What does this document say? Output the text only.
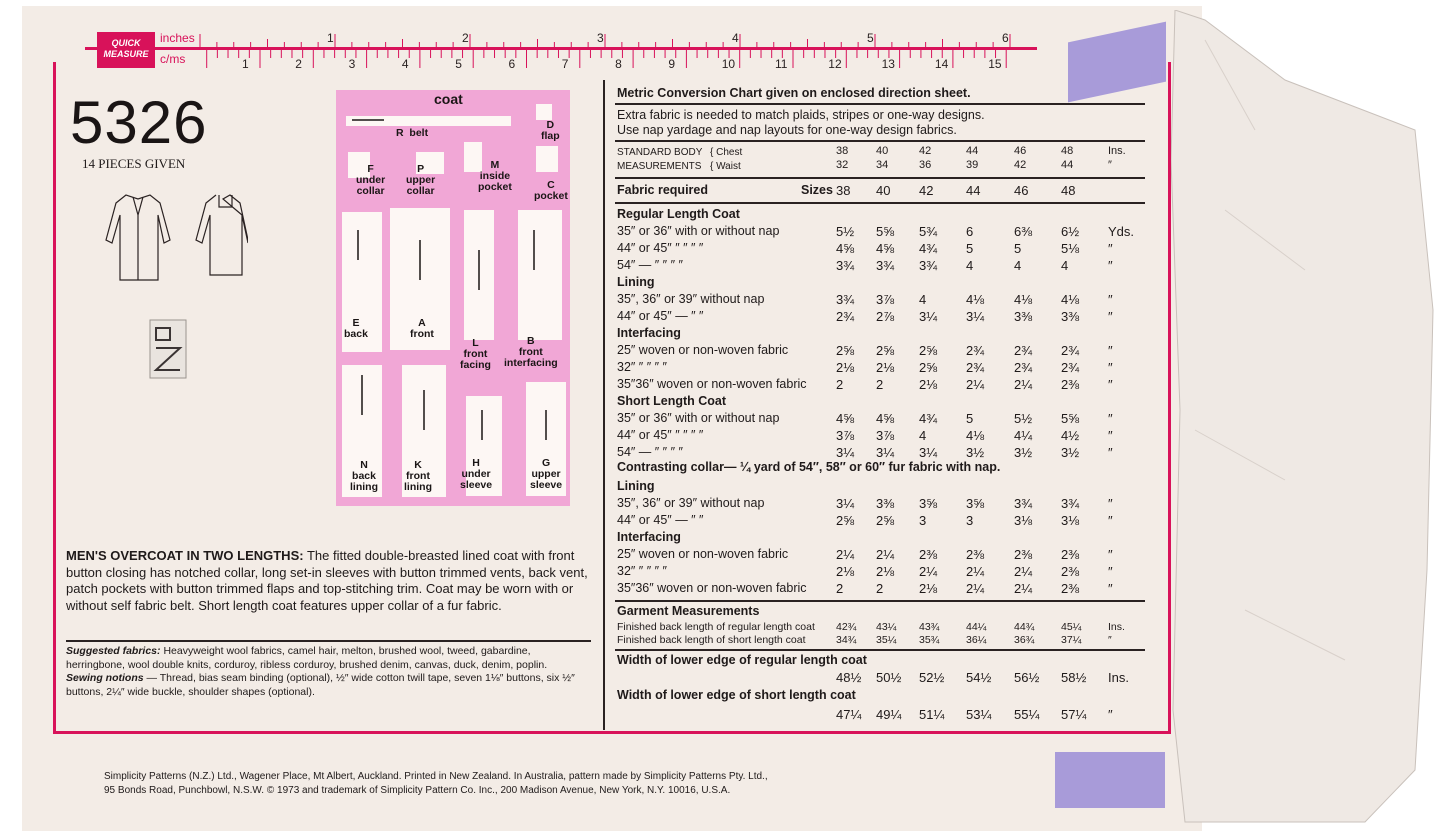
QUICK MEASURE
inches
c/ms
1	2	3	4	5	6
1	2	3	4	5	6	7	8	9	10	11	12	13	14	15
5326
14 PIECES GIVEN
coat
R  belt
D
flap
F
under
collar
P
upper
collar
M
inside
pocket	C
pocket
E
back
A
front
L
front
facing
B
front
interfacing
N
back
lining
K
front
lining
H
under
sleeve
G
upper
sleeve
MEN'S OVERCOAT IN TWO LENGTHS: The fitted double-breasted lined coat with front button closing has notched collar, long set-in sleeves with button trimmed vents, back vent, patch pockets with button trimmed flaps and top-stitching trim. Coat may be worn with or without self fabric belt. Short length coat features upper collar of a fur fabric.
Suggested fabrics: Heavyweight wool fabrics, camel hair, melton, brushed wool, tweed, gabardine, herringbone, wool double knits, corduroy, ribless corduroy, brushed denim, canvas, duck, denim, poplin.
Sewing notions — Thread, bias seam binding (optional), ½″ wide cotton twill tape, seven 1⅛″ buttons, six ½″ buttons, 2¼″ wide buckle, shoulder shapes (optional).
Metric Conversion Chart given on enclosed direction sheet.
Extra fabric is needed to match plaids, stripes or one-way designs.
Use nap yardage and nap layouts for one-way design fabrics.
STANDARD BODY { Chest	38	40	42	44	46	48	Ins.
MEASUREMENTS { Waist	32	34	36	39	42	44	″
Fabric required	Sizes 38 40 42	44	46	48
Regular Length Coat
35″ or 36″ with or without nap	5½ 5⅝ 5¾ 6	6⅜ 6½ Yds.
44″ or 45″ ″ ″ ″ ″	4⅝ 4⅝ 4¾ 5	5	5⅛ ″
54″ — ″ ″ ″ ″	3¾ 3¾ 3¾ 4	4	4	″
Lining
35″, 36″ or 39″ without nap	3¾ 3⅞ 4	4⅛ 4⅛ 4⅛ ″
44″ or 45″ — ″ ″	2¾ 2⅞ 3¼ 3¼ 3⅜ 3⅜ ″
Interfacing
25″ woven or non-woven fabric	2⅝ 2⅝ 2⅝ 2¾ 2¾ 2¾ ″
32″ ″ ″ ″ ″	2⅛ 2⅛ 2⅝ 2¾ 2¾ 2¾ ″
35″36″ woven or non-woven fabric 2	2	2⅛ 2¼ 2¼ 2⅜ ″
Short Length Coat
35″ or 36″ with or without nap	4⅝ 4⅝ 4¾ 5	5½ 5⅝ ″
44″ or 45″ ″ ″ ″ ″	3⅞ 3⅞ 4	4⅛ 4¼ 4½ ″
54″ — ″ ″ ″ ″	3¼ 3¼ 3¼ 3½ 3½ 3½ ″
Contrasting collar— ¼ yard of 54″, 58″ or 60″ fur fabric with nap.
Lining
35″, 36″ or 39″ without nap	3¼ 3⅜ 3⅝ 3⅝ 3¾ 3¾ ″
44″ or 45″ — ″ ″	2⅝ 2⅝ 3	3	3⅛ 3⅛ ″
Interfacing
25″ woven or non-woven fabric	2¼ 2¼ 2⅜ 2⅜ 2⅜ 2⅜ ″
32″ ″ ″ ″ ″	2⅛ 2⅛ 2¼ 2¼ 2¼ 2⅜ ″
35″36″ woven or non-woven fabric 2	2	2⅛ 2¼ 2¼ 2⅜ ″
Garment Measurements
Finished back length of regular length coat 42¾ 43¼ 43¾	44¼	44¾	45¼	Ins.
Finished back length of short length coat	34¾ 35¼ 35¾	36¼	36¾	37¼	″
Width of lower edge of regular length coat
48½ 50½ 52½ 54½ 56½ 58½ Ins.
Width of lower edge of short length coat
47¼ 49¼ 51¼ 53¼ 55¼ 57¼ ″
Simplicity Patterns (N.Z.) Ltd., Wagener Place, Mt Albert, Auckland. Printed in New Zealand. In Australia, pattern made by Simplicity Patterns Pty. Ltd.,
95 Bonds Road, Punchbowl, N.S.W. © 1973 and trademark of Simplicity Pattern Co. Inc., 200 Madison Avenue, New York, N.Y. 10016, U.S.A.
